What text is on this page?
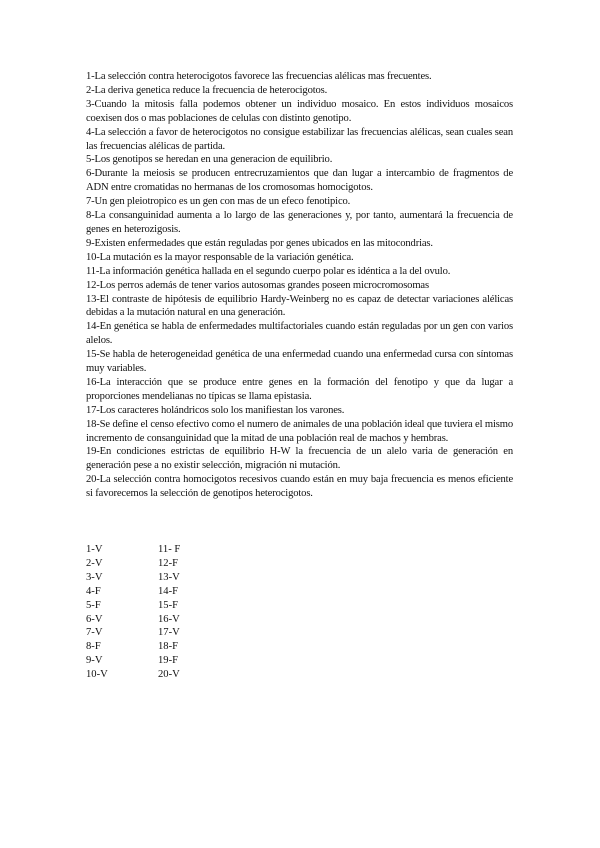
1-La selección contra heterocigotos favorece las frecuencias alélicas mas frecuentes.

2-La deriva genetica reduce la frecuencia de heterocigotos.

3-Cuando la mitosis falla podemos obtener un individuo mosaico. En estos individuos mosaicos coexisen dos o mas poblaciones de celulas con distinto genotipo.

4-La selección a favor de heterocigotos no consigue estabilizar las frecuencias alélicas, sean cuales sean las frecuencias alélicas de partida.

5-Los genotipos se heredan en una generacion de equilibrio.

6-Durante la meiosis se producen entrecruzamientos que dan lugar a intercambio de fragmentos de ADN entre cromatidas no hermanas de los cromosomas homocigotos.

7-Un gen pleiotropico es un gen con mas de un efeco fenotipico.

8-La consanguinidad aumenta a lo largo de las generaciones y, por tanto, aumentará la frecuencia de genes en heterozigosis.

9-Existen enfermedades que están reguladas por genes ubicados en las mitocondrias.

10-La mutación es la mayor responsable de la variación genética.

11-La información genética hallada en el segundo cuerpo polar es idéntica a la del ovulo.

12-Los perros además de tener varios autosomas grandes poseen microcromosomas

13-El contraste de hipótesis de equilibrio Hardy-Weinberg no es capaz de detectar variaciones alélicas debidas a la mutación natural en una generación.

14-En genética se habla de enfermedades multifactoriales cuando están reguladas por un gen con varios alelos.

15-Se habla de heterogeneidad genética de una enfermedad cuando una enfermedad cursa con síntomas muy variables.

16-La interacción que se produce entre genes en la formación del fenotipo y que da lugar a proporciones mendelianas no típicas se llama epistasia.

17-Los caracteres holándricos solo los manifiestan los varones.

18-Se define el censo efectivo como el numero de animales de una población ideal que tuviera el mismo incremento de consanguinidad que la mitad de una población real de machos y hembras.

19-En condiciones estrictas de equilibrio H-W la frecuencia de un alelo varia de generación en generación pese a no existir selección, migración ni mutación.

20-La selección contra homocigotos recesivos cuando están en muy baja frecuencia es menos eficiente si favorecemos la selección de genotipos heterocigotos.

1-V	11- F
2-V	12-F
3-V	13-V
4-F	14-F
5-F	15-F
6-V	16-V
7-V	17-V
8-F	18-F
9-V	19-F
10-V	20-V
